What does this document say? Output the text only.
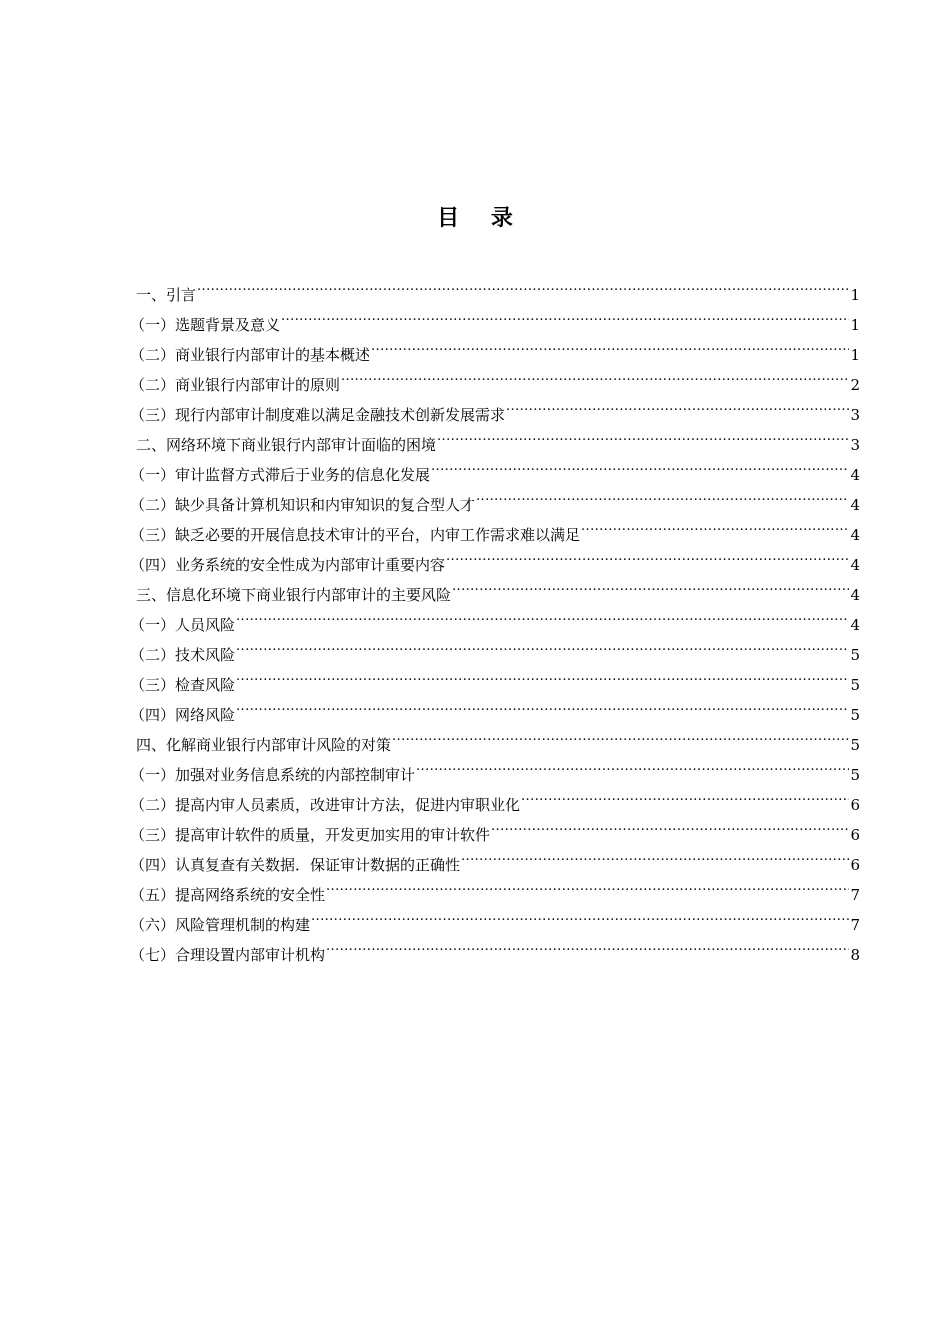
目 录
一、引言 .....	1
（一）选题背景及意义 .....	1
（二）商业银行内部审计的基本概述 .....	1
（二）商业银行内部审计的原则 .....	2
（三）现行内部审计制度难以满足金融技术创新发展需求 .....	3
二、网络环境下商业银行内部审计面临的困境 .....	3
（一）审计监督方式滞后于业务的信息化发展 .....	4
（二）缺少具备计算机知识和内审知识的复合型人才 .....	4
（三）缺乏必要的开展信息技术审计的平台，内审工作需求难以满足 .....	4
（四）业务系统的安全性成为内部审计重要内容 .....	4
三、信息化环境下商业银行内部审计的主要风险 .....	4
（一）人员风险 .....	4
（二）技术风险 .....	5
（三）检查风险 .....	5
（四）网络风险 .....	5
四、化解商业银行内部审计风险的对策 .....	5
（一）加强对业务信息系统的内部控制审计 .....	5
（二）提高内审人员素质，改进审计方法，促进内审职业化 .....	6
（三）提高审计软件的质量，开发更加实用的审计软件 .....	6
（四）认真复查有关数据．保证审计数据的正确性 .....	6
（五）提高网络系统的安全性 .....	7
（六）风险管理机制的构建 .....	7
（七）合理设置内部审计机构 .....	8
